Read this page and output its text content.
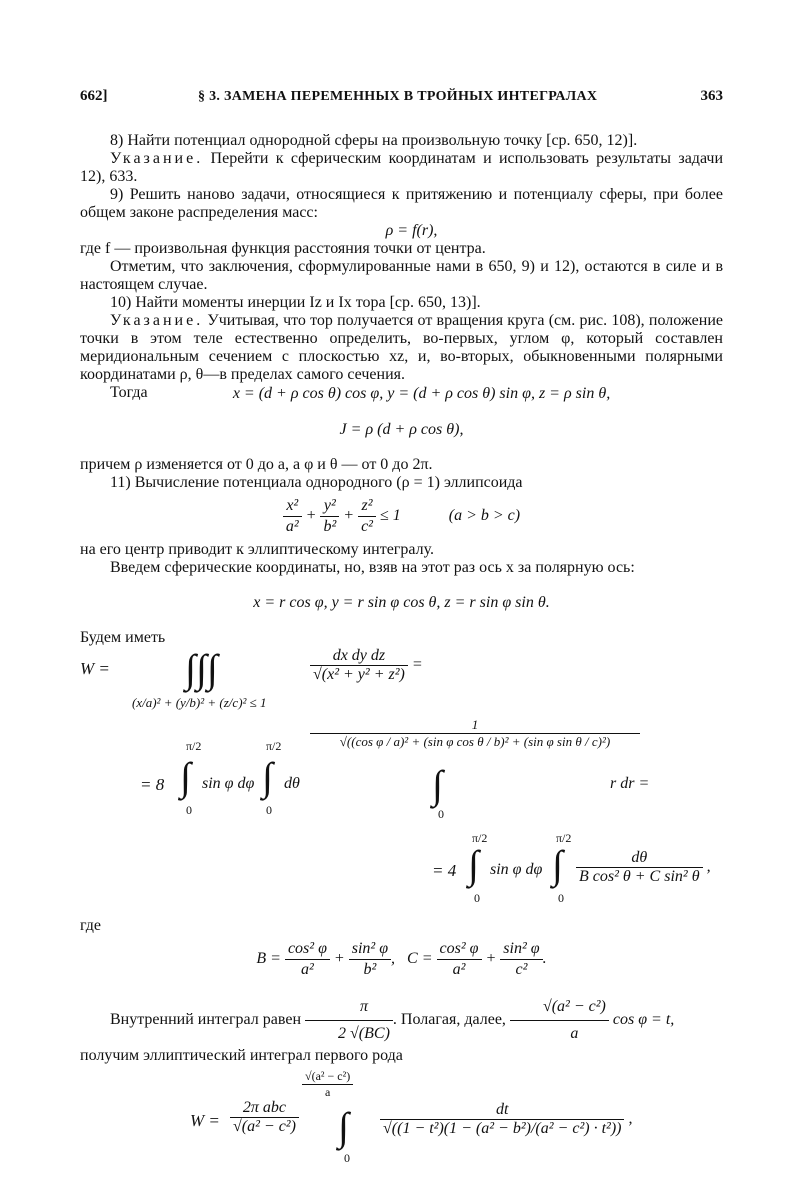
662]	§ 3. ЗАМЕНА ПЕРЕМЕННЫХ В ТРОЙНЫХ ИНТЕГРАЛАХ	363

8) Найти потенциал однородной сферы на произвольную точку [ср. 650, 12)].

Указание. Перейти к сферическим координатам и использовать результаты задачи 12), 633.

9) Решить наново задачи, относящиеся к притяжению и потенциалу сферы, при более общем законе распределения масс:

ρ = f(r),

где f — произвольная функция расстояния точки от центра.

Отметим, что заключения, сформулированные нами в 650, 9) и 12), остаются в силе и в настоящем случае.

10) Найти моменты инерции Iz и Ix тора [ср. 650, 13)].

Указание. Учитывая, что тор получается от вращения круга (см. рис. 108), положение точки в этом теле естественно определить, во-первых, углом φ, который составлен меридиональным сечением с плоскостью xz, и, во-вторых, обыкновенными полярными координатами ρ, θ—в пределах самого сечения.

Тогда	x = (d + ρ cos θ) cos φ, y = (d + ρ cos θ) sin φ, z = ρ sin θ,

J = ρ (d + ρ cos θ),

причем ρ изменяется от 0 до a, a φ и θ — от 0 до 2π.

11) Вычисление потенциала однородного (ρ = 1) эллипсоида

$\frac{\text{x²}}{\text{a²}} + \frac{\text{y²}}{\text{b²}} + \frac{\text{z²}}{\text{c²}} \le 1$	(a > b > c)

на его центр приводит к эллиптическому интегралу.

Введем сферические координаты, но, взяв на этот раз ось x за полярную ось:

x = r cos φ, y = r sin φ cos θ, z = r sin φ sin θ.

Будем иметь

W = ∫∫∫
(x/a)² + (y/b)² + (z/c)² ≤ 1
$\frac{\text{dx dy dz}}{\text{√(x² + y² + z²)}}$ =
$\frac{1}{\text{√((cos φ / a)² + (sin φ cos θ / b)² + (sin φ sin θ / c)²)}}$
π/2
= 8 ∫
0
sin φ dφ
π/2
∫
0
dθ	∫
0
r dr =
π/2
= 4 ∫
0
sin φ dφ
π/2
∫
0
$\frac{d\theta}{\text{B cos² θ + C sin² θ}}$ ,

где

$B = \frac{\text{cos² φ}}{\text{a²}} + \frac{\text{sin² φ}}{\text{b²}}$ ,   $C = \frac{\text{cos² φ}}{\text{a²}} + \frac{\text{sin² φ}}{\text{c²}}$ .

Внутренний интеграл равен $\frac{\pi}{2 √(BC)}$ . Полагая, далее, $\frac{\text{√(a² − c²)}}{a}$ cos φ = t,

получим эллиптический интеграл первого рода

W =
2π abc
√(a² − c²)
$\frac{\text{√(a² − c²)}}{a}$
∫
0
$\frac{dt}{\text{√((1 − t²)(1 − (a² − b²)/(a² − c²) · t²))}}$ ,
